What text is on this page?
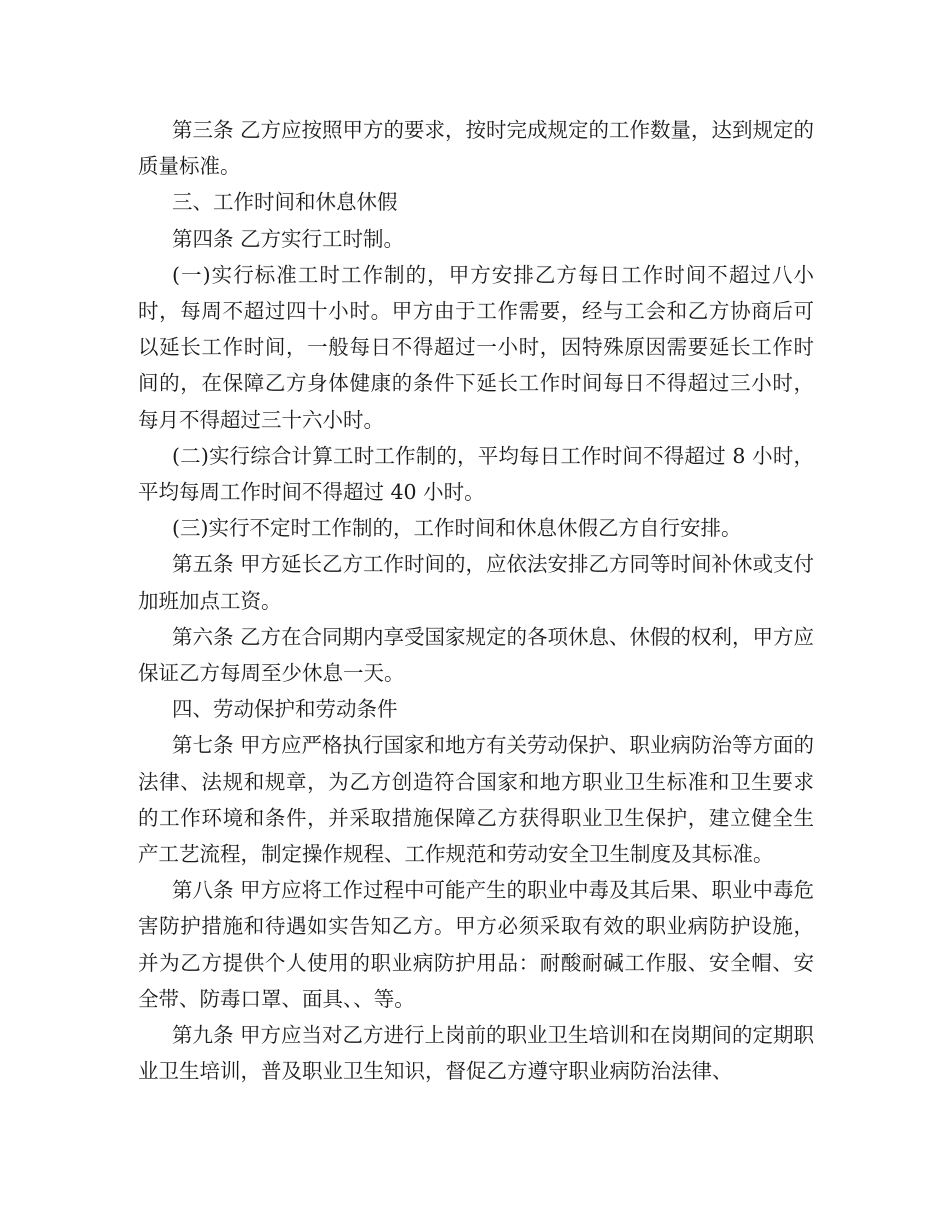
第三条 乙方应按照甲方的要求，按时完成规定的工作数量，达到规定的质量标准。

三、工作时间和休息休假

第四条 乙方实行工时制。

(一)实行标准工时工作制的，甲方安排乙方每日工作时间不超过八小时，每周不超过四十小时。甲方由于工作需要，经与工会和乙方协商后可以延长工作时间，一般每日不得超过一小时，因特殊原因需要延长工作时间的，在保障乙方身体健康的条件下延长工作时间每日不得超过三小时，每月不得超过三十六小时。

(二)实行综合计算工时工作制的，平均每日工作时间不得超过 8 小时，平均每周工作时间不得超过 40 小时。

(三)实行不定时工作制的，工作时间和休息休假乙方自行安排。

第五条 甲方延长乙方工作时间的，应依法安排乙方同等时间补休或支付加班加点工资。

第六条 乙方在合同期内享受国家规定的各项休息、休假的权利，甲方应保证乙方每周至少休息一天。

四、劳动保护和劳动条件

第七条 甲方应严格执行国家和地方有关劳动保护、职业病防治等方面的法律、法规和规章，为乙方创造符合国家和地方职业卫生标准和卫生要求的工作环境和条件，并采取措施保障乙方获得职业卫生保护，建立健全生产工艺流程，制定操作规程、工作规范和劳动安全卫生制度及其标准。

第八条 甲方应将工作过程中可能产生的职业中毒及其后果、职业中毒危害防护措施和待遇如实告知乙方。甲方必须采取有效的职业病防护设施，并为乙方提供个人使用的职业病防护用品：耐酸耐碱工作服、安全帽、安全带、防毒口罩、面具、、等。

第九条 甲方应当对乙方进行上岗前的职业卫生培训和在岗期间的定期职业卫生培训，普及职业卫生知识，督促乙方遵守职业病防治法律、
